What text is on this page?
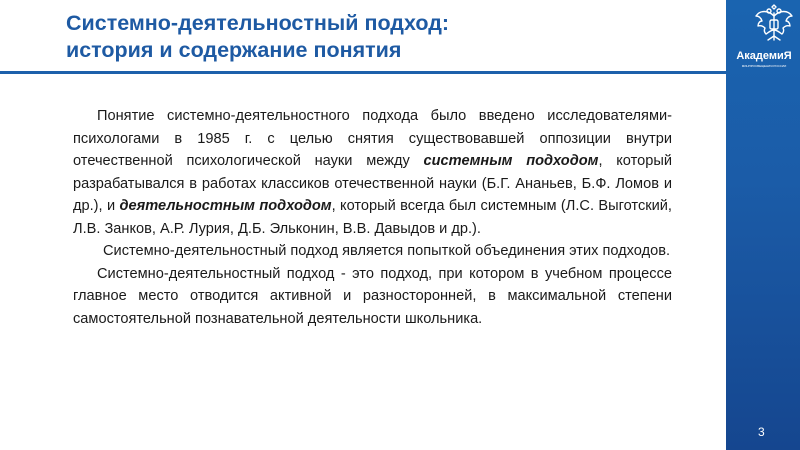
Системно-деятельностный подход:
история и содержание понятия	АкадемиЯ
МИНПРОСВЕЩЕНИЯ РОССИИ

Понятие системно-деятельностного подхода было введено исследователями-психологами в 1985 г. с целью снятия существовавшей оппозиции внутри отечественной психологической науки между системным подходом, который разрабатывался в работах классиков отечественной науки (Б.Г. Ананьев, Б.Ф. Ломов и др.), и деятельностным подходом, который всегда был системным (Л.С. Выготский, Л.В. Занков, А.Р. Лурия, Д.Б. Эльконин, В.В. Давыдов и др.).

Системно-деятельностный подход является попыткой объединения этих подходов.

Системно-деятельностный подход - это подход, при котором в учебном процессе главное место отводится активной и разносторонней, в максимальной степени самостоятельной познавательной деятельности школьника.

3
